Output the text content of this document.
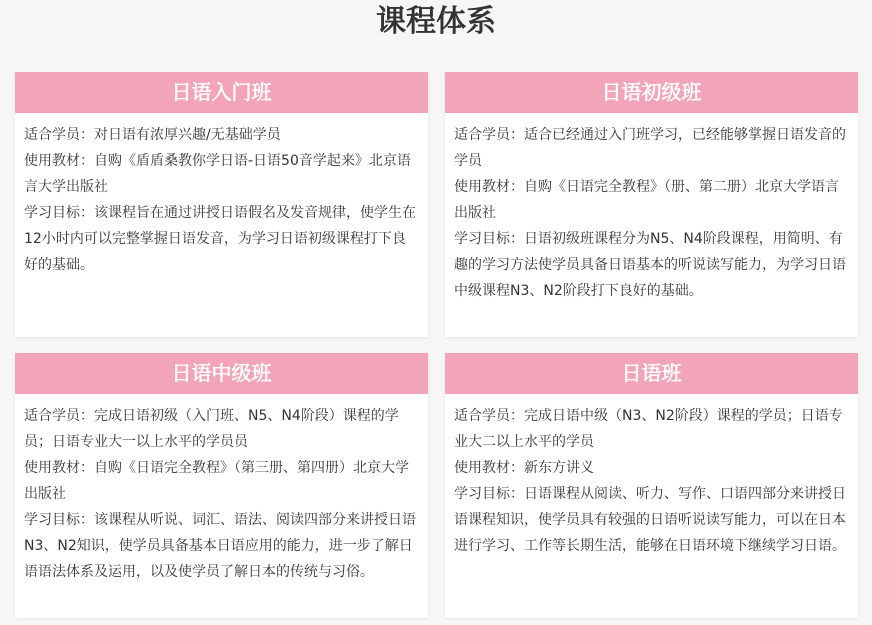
课程体系
日语入门班

适合学员：对日语有浓厚兴趣/无基础学员

使用教材：自购《盾盾桑教你学日语-日语50音学起来》北京语言大学出版社

学习目标：该课程旨在通过讲授日语假名及发音规律，使学生在12小时内可以完整掌握日语发音，为学习日语初级课程打下良好的基础。

日语初级班

适合学员：适合已经通过入门班学习，已经能够掌握日语发音的学员

使用教材：自购《日语完全教程》（册、第二册）北京大学语言出版社

学习目标：日语初级班课程分为N5、N4阶段课程，用简明、有趣的学习方法使学员具备日语基本的听说读写能力，为学习日语中级课程N3、N2阶段打下良好的基础。

日语中级班

适合学员：完成日语初级（入门班、N5、N4阶段）课程的学员；日语专业大一以上水平的学员员

使用教材：自购《日语完全教程》（第三册、第四册）北京大学出版社

学习目标：该课程从听说、词汇、语法、阅读四部分来讲授日语N3、N2知识，使学员具备基本日语应用的能力，进一步了解日语语法体系及运用，以及使学员了解日本的传统与习俗。

日语班

适合学员：完成日语中级（N3、N2阶段）课程的学员；日语专业大二以上水平的学员

使用教材：新东方讲义

学习目标：日语课程从阅读、听力、写作、口语四部分来讲授日语课程知识，使学员具有较强的日语听说读写能力，可以在日本进行学习、工作等长期生活，能够在日语环境下继续学习日语。
